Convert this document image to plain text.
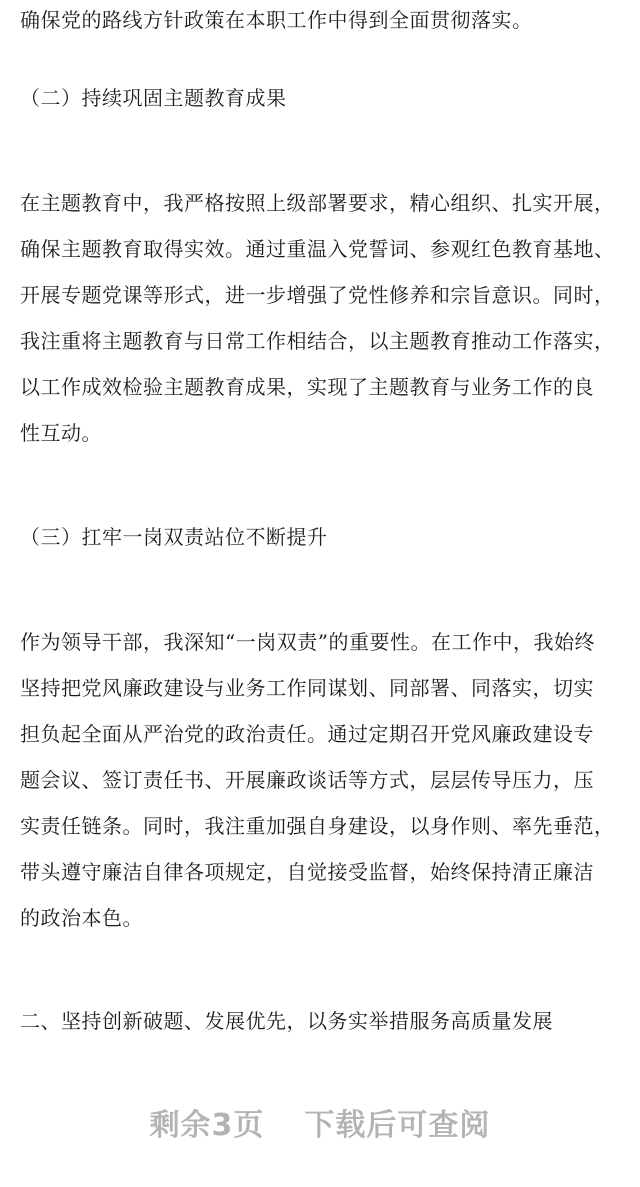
确保党的路线方针政策在本职工作中得到全面贯彻落实。
（二）持续巩固主题教育成果
在主题教育中，我严格按照上级部署要求，精心组织、扎实开展，
确保主题教育取得实效。通过重温入党誓词、参观红色教育基地、
开展专题党课等形式，进一步增强了党性修养和宗旨意识。同时，
我注重将主题教育与日常工作相结合，以主题教育推动工作落实，
以工作成效检验主题教育成果，实现了主题教育与业务工作的良
性互动。
（三）扛牢一岗双责站位不断提升
作为领导干部，我深知“一岗双责”的重要性。在工作中，我始终
坚持把党风廉政建设与业务工作同谋划、同部署、同落实，切实
担负起全面从严治党的政治责任。通过定期召开党风廉政建设专
题会议、签订责任书、开展廉政谈话等方式，层层传导压力，压
实责任链条。同时，我注重加强自身建设，以身作则、率先垂范，
带头遵守廉洁自律各项规定，自觉接受监督，始终保持清正廉洁
的政治本色。
二、坚持创新破题、发展优先，以务实举措服务高质量发展
剩余3页 下载后可查阅
